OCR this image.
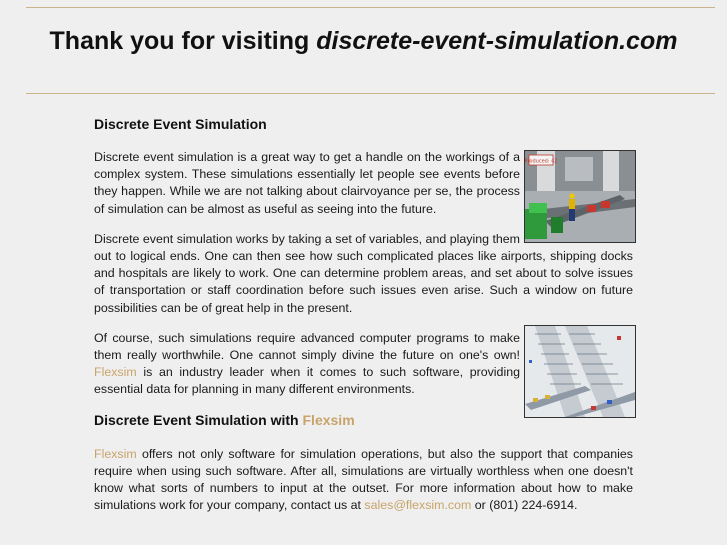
Thank you for visiting discrete-event-simulation.com
Discrete Event Simulation
Produced: 42

Discrete event simulation is a great way to get a handle on the workings of a complex system. These simulations essentially let people see events before they happen. While we are not talking about clairvoyance per se, the process of simulation can be almost as useful as seeing into the future.

Discrete event simulation works by taking a set of variables, and playing them out to logical ends. One can then see how such complicated places like airports, shipping docks and hospitals are likely to work. One can determine problem areas, and set about to solve issues of transportation or staff coordination before such issues even arise. Such a window on future possibilities can be of great help in the present.

Of course, such simulations require advanced computer programs to make them really worthwhile. One cannot simply divine the future on one's own! Flexsim is an industry leader when it comes to such software, providing essential data for planning in many different environments.

Discrete Event Simulation with Flexsim

Flexsim offers not only software for simulation operations, but also the support that companies require when using such software. After all, simulations are virtually worthless when one doesn't know what sorts of numbers to input at the outset. For more information about how to make simulations work for your company, contact us at sales@flexsim.com or (801) 224-6914.
